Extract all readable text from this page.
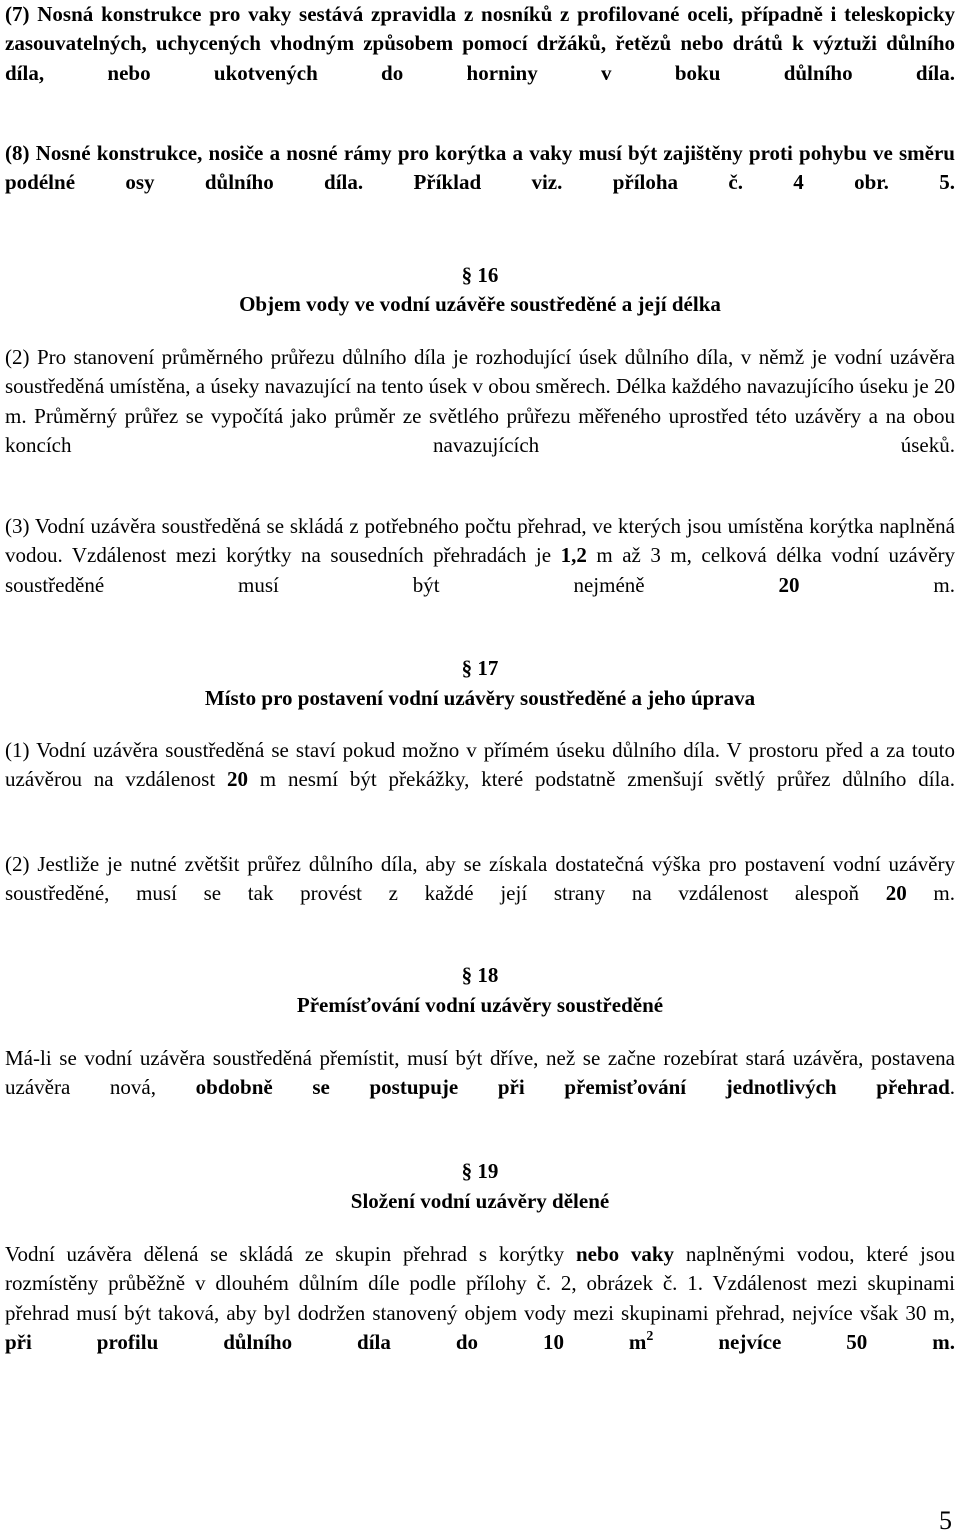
(7) Nosná konstrukce pro vaky sestává zpravidla z nosníků z profilované oceli, případně i teleskopicky zasouvatelných, uchycených vhodným způsobem pomocí držáků, řetězů nebo drátů k výztuži důlního díla, nebo ukotvených do horniny v boku důlního díla.

(8) Nosné konstrukce, nosiče a nosné rámy pro korýtka a vaky musí být zajištěny proti pohybu ve směru podélné osy důlního díla. Příklad viz. příloha č. 4 obr. 5.

§ 16

Objem vody ve vodní uzávěře soustředěné a její délka

(2) Pro stanovení průměrného průřezu důlního díla je rozhodující úsek důlního díla, v němž je vodní uzávěra soustředěná umístěna, a úseky navazující na tento úsek v obou směrech. Délka každého navazujícího úseku je 20 m. Průměrný průřez se vypočítá jako průměr ze světlého průřezu měřeného uprostřed této uzávěry a na obou koncích navazujících úseků.

(3) Vodní uzávěra soustředěná se skládá z potřebného počtu přehrad, ve kterých jsou umístěna korýtka naplněná vodou. Vzdálenost mezi korýtky na sousedních přehradách je 1,2 m až 3 m, celková délka vodní uzávěry soustředěné musí být nejméně 20 m.

§ 17

Místo pro postavení vodní uzávěry soustředěné a jeho úprava

(1) Vodní uzávěra soustředěná se staví pokud možno v přímém úseku důlního díla. V prostoru před a za touto uzávěrou na vzdálenost 20 m nesmí být překážky, které podstatně zmenšují světlý průřez důlního díla.

(2) Jestliže je nutné zvětšit průřez důlního díla, aby se získala dostatečná výška pro postavení vodní uzávěry soustředěné, musí se tak provést z každé její strany na vzdálenost alespoň 20 m.

§ 18

Přemísťování vodní uzávěry soustředěné

Má-li se vodní uzávěra soustředěná přemístit, musí být dříve, než se začne rozebírat stará uzávěra, postavena uzávěra nová, obdobně se postupuje při přemisťování jednotlivých přehrad.

§ 19

Složení vodní uzávěry dělené

Vodní uzávěra dělená se skládá ze skupin přehrad s korýtky nebo vaky naplněnými vodou, které jsou rozmístěny průběžně v dlouhém důlním díle podle přílohy č. 2, obrázek č. 1. Vzdálenost mezi skupinami přehrad musí být taková, aby byl dodržen stanovený objem vody mezi skupinami přehrad, nejvíce však 30 m, při profilu důlního díla do 10 $m^2$ nejvíce 50 m.

5
